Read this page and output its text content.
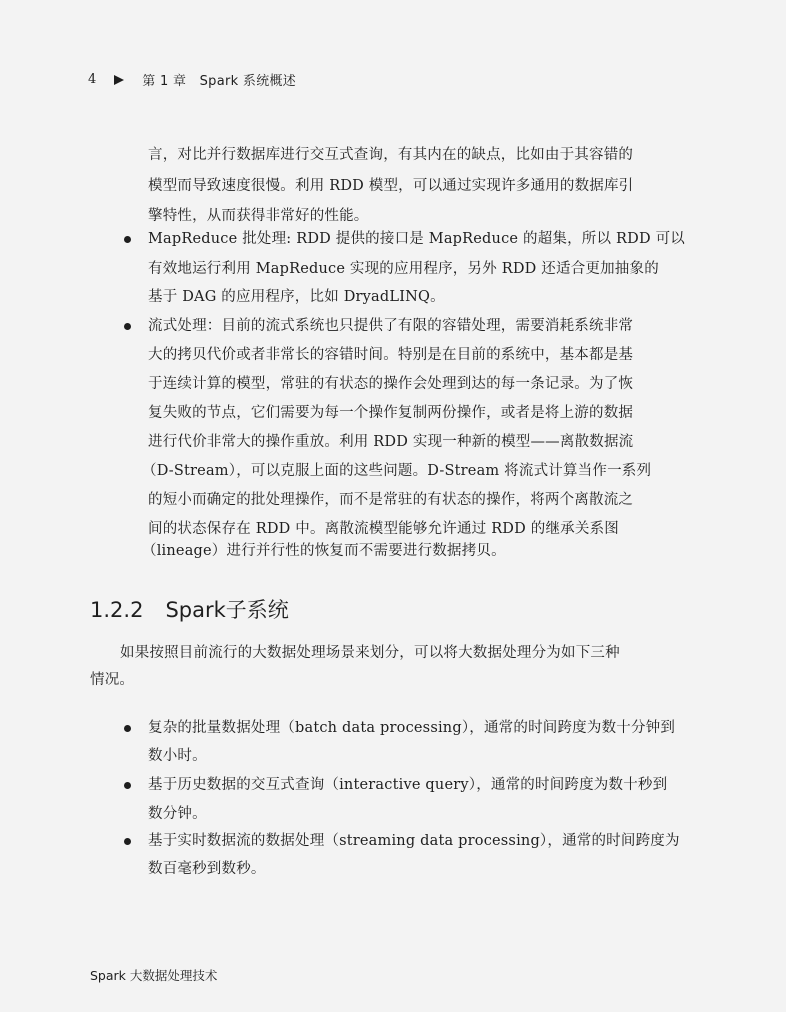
4	第 1 章　Spark 系统概述
言，对比并行数据库进行交互式查询，有其内在的缺点，比如由于其容错的
模型而导致速度很慢。利用 RDD 模型，可以通过实现许多通用的数据库引
擎特性，从而获得非常好的性能。
MapReduce 批处理: RDD 提供的接口是 MapReduce 的超集，所以 RDD 可以
有效地运行利用 MapReduce 实现的应用程序，另外 RDD 还适合更加抽象的
基于 DAG 的应用程序，比如 DryadLINQ。
流式处理：目前的流式系统也只提供了有限的容错处理，需要消耗系统非常
大的拷贝代价或者非常长的容错时间。特别是在目前的系统中，基本都是基
于连续计算的模型，常驻的有状态的操作会处理到达的每一条记录。为了恢
复失败的节点，它们需要为每一个操作复制两份操作，或者是将上游的数据
进行代价非常大的操作重放。利用 RDD 实现一种新的模型——离散数据流
（D-Stream），可以克服上面的这些问题。D-Stream 将流式计算当作一系列
的短小而确定的批处理操作，而不是常驻的有状态的操作，将两个离散流之
间的状态保存在 RDD 中。离散流模型能够允许通过 RDD 的继承关系图
（lineage）进行并行性的恢复而不需要进行数据拷贝。
1.2.2 Spark子系统
如果按照目前流行的大数据处理场景来划分，可以将大数据处理分为如下三种
情况。
复杂的批量数据处理（batch data processing），通常的时间跨度为数十分钟到
数小时。
基于历史数据的交互式查询（interactive query），通常的时间跨度为数十秒到
数分钟。
基于实时数据流的数据处理（streaming data processing），通常的时间跨度为
数百毫秒到数秒。
Spark 大数据处理技术
